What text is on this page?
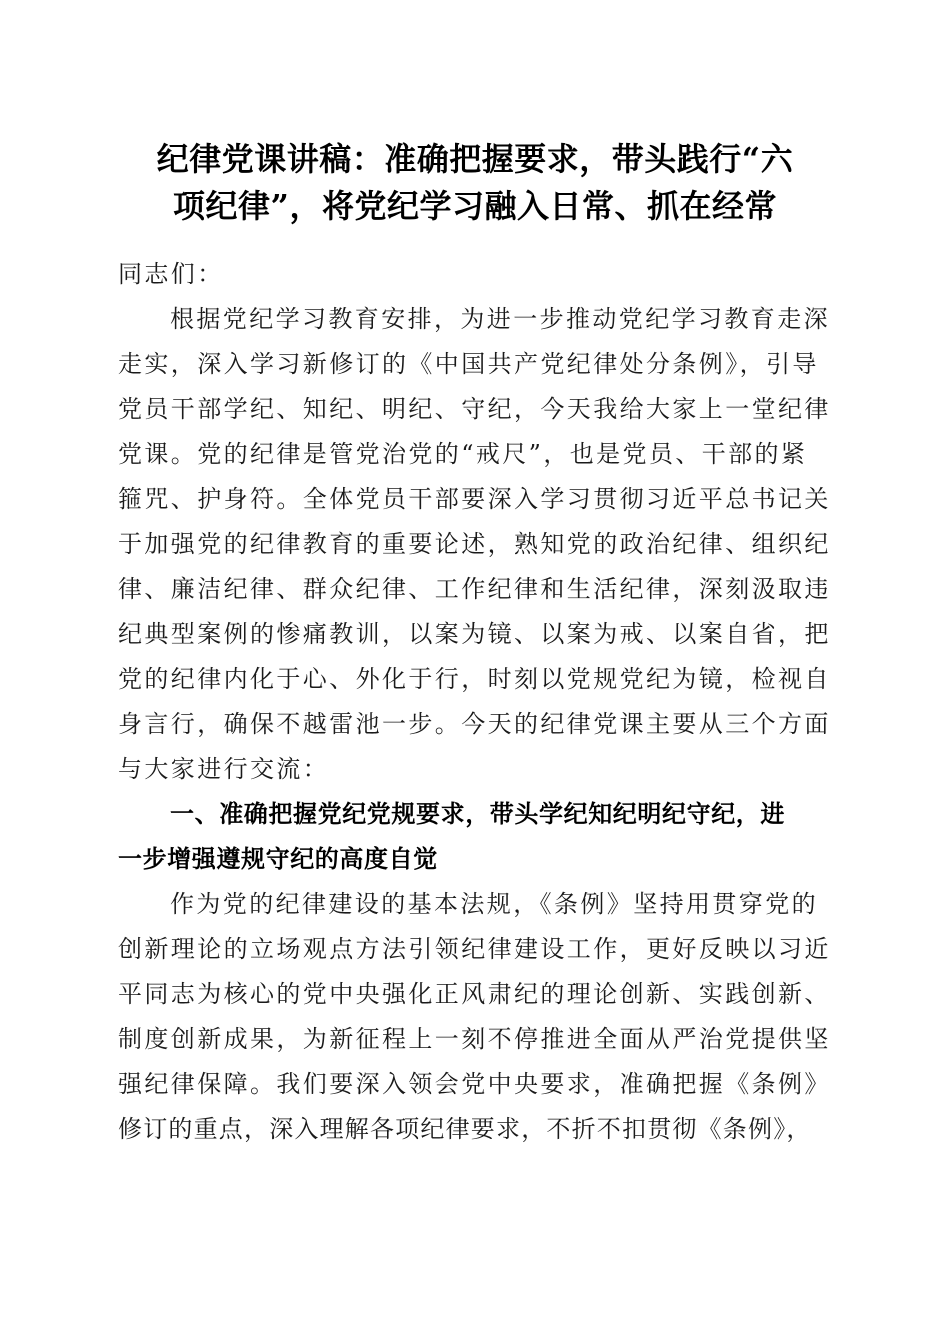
纪律党课讲稿：准确把握要求，带头践行“六
项纪律”，将党纪学习融入日常、抓在经常
同志们：
根据党纪学习教育安排，为进一步推动党纪学习教育走深
走实，深入学习新修订的《中国共产党纪律处分条例》，引导
党员干部学纪、知纪、明纪、守纪，今天我给大家上一堂纪律
党课。党的纪律是管党治党的“戒尺”，也是党员、干部的紧
箍咒、护身符。全体党员干部要深入学习贯彻习近平总书记关
于加强党的纪律教育的重要论述，熟知党的政治纪律、组织纪
律、廉洁纪律、群众纪律、工作纪律和生活纪律，深刻汲取违
纪典型案例的惨痛教训，以案为镜、以案为戒、以案自省，把
党的纪律内化于心、外化于行，时刻以党规党纪为镜，检视自
身言行，确保不越雷池一步。今天的纪律党课主要从三个方面
与大家进行交流：
一、准确把握党纪党规要求，带头学纪知纪明纪守纪，进
一步增强遵规守纪的高度自觉
作为党的纪律建设的基本法规，《条例》坚持用贯穿党的
创新理论的立场观点方法引领纪律建设工作，更好反映以习近
平同志为核心的党中央强化正风肃纪的理论创新、实践创新、
制度创新成果，为新征程上一刻不停推进全面从严治党提供坚
强纪律保障。我们要深入领会党中央要求，准确把握《条例》
修订的重点，深入理解各项纪律要求，不折不扣贯彻《条例》，
